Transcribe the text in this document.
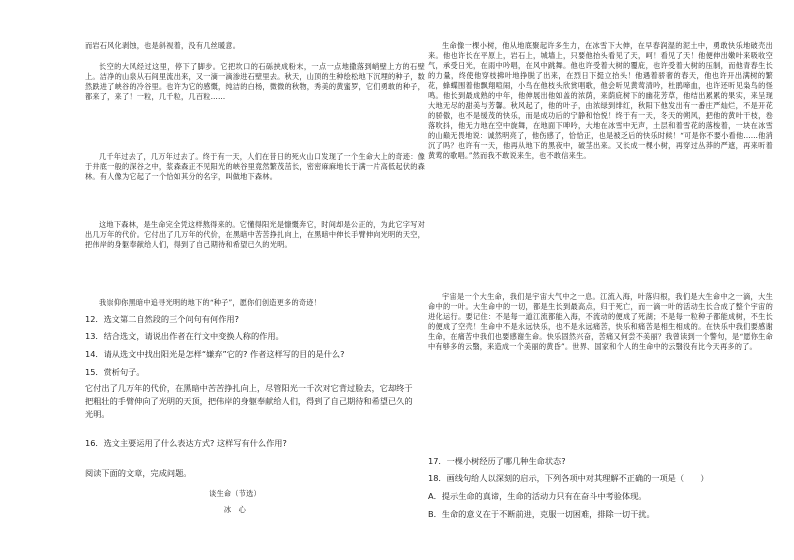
而岩石风化剥蚀，也是斜视着，没有几丝暖意。

长空的大风经过这里，停下了脚步。它把坎口的石砾挟成粉末，一点一点地撒落到峭壁上方的石壁上。洁净的山泉从石间里流出来，又一滴一滴渗进石壁里去。秋天，山顶的生种绘松地下沉埋的种子，数然跌进了峡谷的冷谷里。也许为它的感慨，纯洁的白杨，微微的秋物，秀美的黄蜜罗，它们勇敢的种子，都来了，来了！一粒，几千粒，几百粒……

几千年过去了，几万年过去了。终于有一天，人们在昔日的死火山口发现了一个生命大上的奇迹：像于井底一般的深谷之中，浆森森正不见阳光的峡谷里竟然繁茂茁长，密密麻麻地长于满一片高低起伏的森林。有人像为它起了一个恰如其分的名字，叫做地下森林。

这地下森林，是生命完全凭这样熬得来的。它懂得阳光是慷慨奔它，时间却是公正的，为此它字写对出几万年的代价。它付出了几万年的代价，在黑暗中苦苦挣扎向上，在黑暗中伸长手臂伸向光明的天空，把伟岸的身躯奉献给人们，得到了自己期待和希望已久的光明。

我崇仰你黑暗中追寻光明的地下的“种子”，愿你们创造更多的奇迹！

12．选文第二自然段的三个问句有何作用?

13．结合选文，请说出作者在行文中变换人称的作用。

14．请从选文中找出阳光是怎样“嫌弃”它的? 作者这样写的目的是什么?

15．赏析句子。

它付出了几万年的代价，在黑暗中苦苦挣扎向上，尽管阳光一千次对它背过脸去，它却终于把粗壮的手臂伸向了光明的天顶，把伟岸的身躯奉献给人们，得到了自己期待和希望已久的光明。

16．选文主要运用了什么表达方式? 这样写有什么作用?

阅读下面的文章，完成问题。

谈生命（节选）

冰　心

生命像一棵小树，他从地底聚起许多生力，在冰雪下大伸，在早春润湿的泥土中，勇敢快乐地破壳出来。他也许长在平原上，岩石上，城墙上，只要他抬头看见了天，呵！看见了天！他便伸出嫩叶来吸收空气，承受日光，在雨中吟唱，在风中跳舞。他也许受着大树的覆庇，也许受着大树的压制，而他青春生长的力量，终使他穿枝拂叶地挣脱了出来，在烈日下挺立抬头！他遇着骄奢的春天，他也许开出满树的繁花，蜂蝶围着他飘翔喧闹，小鸟在他枝头欣赏唱歌，他会听见黄莺清吟，杜鹃啼血，也许还听见枭鸟的怪鸣。他长到最成熟的中年，他伸展出他如盖的浓荫，来荫庇树下的幽花芳草，他结出累累的果实，来呈现大地无尽的甜美与芳馨。秋风起了，他的叶子，由浓绿到绯红，秋阳下他发出有一番庄严灿烂，不是开花的骄傲，也不是缓茂的快乐，而是成功后的宁静和怡悦！终于有一天，冬天的朔风，把他的黄叶干枝，卷落吹抖，他无力地在空中旋舞，在地面下呻吟，大地在冰雪中无声，土层和着雪花的落梭着，一块在冰雪的山巅无畏地说：诚然明亮了，他伤感了，恰恰正，也是被乏后的快乐时候！“可是你不要小看他……他消沉了吗？也许有一天，他再从地下的黑夜中，破茎出来。又长成一棵小树，再穿过丛莽的严遮，再来听着黄莺的歌唱。”然而我不敢说来生，也不敢信来生。

宇宙是一个大生命，我们是宇宙大气中之一息。江流入海，叶落归根，我们是大生命中之一滴，大生命中的一叶。大生命中的一切，都是生长到最高点，归于死亡，而一滴一叶的活动生长合成了整个宇宙的进化运行。要记住：不是每一道江流都能入海，不流动的便成了死湖；不是每一粒种子都能成树，不生长的便成了空壳！生命中不是永远快乐，也不是永远痛苦，快乐和痛苦是相生相成的。在快乐中我们要感谢生命，在痛苦中我们也要感谢生命。快乐固然兴奋，苦痛又何尝不美丽？我曾读到一个警句，是“愿你生命中有够多的云翳，来造成一个美丽的黄昏”。世界、国家和个人的生命中的云翳没有比今天再多的了。

17．一棵小树经历了哪几种生命状态?

18．画线句给人以深刻的启示，下列各项中对其理解不正确的一项是（　　）

A．提示生命的真谛，生命的活动力只有在奋斗中考验体现。

B．生命的意义在于不断前进，克服一切困难，排除一切干扰。
